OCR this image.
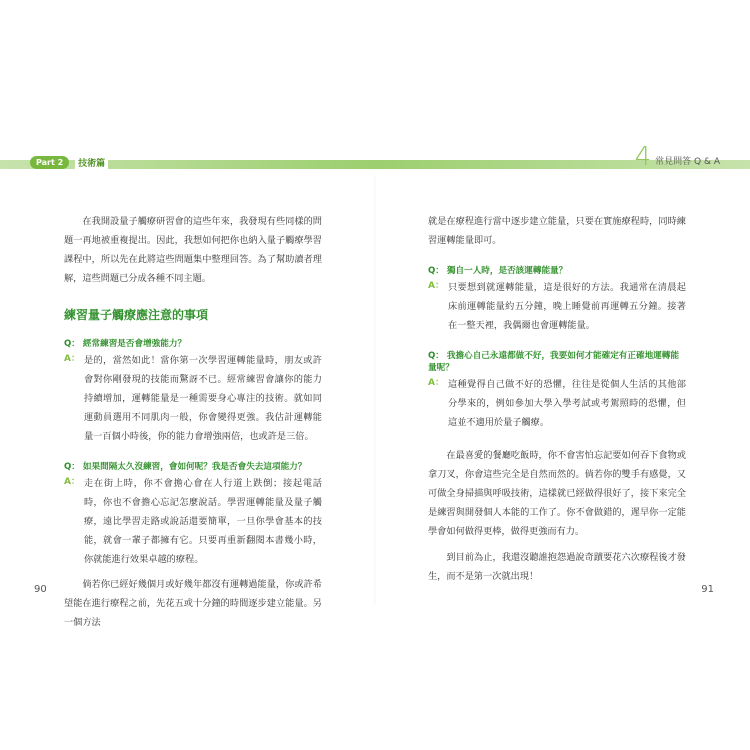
Part 2	技術篇	4 常見問答 Q & A

在我開設量子觸療研習會的這些年來，我發現有些同樣的問題一再地被重複提出。因此，我想如何把你也納入量子觸療學習課程中，所以先在此將這些問題集中整理回答。為了幫助讀者理解，這些問題已分成各種不同主題。

練習量子觸療應注意的事項
Q： 經常練習是否會增強能力？
A： 是的，當然如此！當你第一次學習運轉能量時，朋友或許會對你剛發現的技能而驚訝不已。經常練習會讓你的能力持續增加，運轉能量是一種需要身心專注的技術。就如同運動員選用不同肌肉一般，你會變得更強。我估計運轉能量一百個小時後，你的能力會增強兩倍，也或許是三倍。
Q： 如果間隔太久沒練習，會如何呢？我是否會失去這項能力？
A： 走在街上時，你不會擔心會在人行道上跌倒；接起電話時，你也不會擔心忘記怎麼說話。學習運轉能量及量子觸療，遠比學習走路或說話還要簡單，一旦你學會基本的技能，就會一輩子都擁有它。只要再重新翻閱本書幾小時，你就能進行效果卓越的療程。

倘若你已經好幾個月或好幾年都沒有運轉過能量，你或許希望能在進行療程之前，先花五或十分鐘的時間逐步建立能量。另一個方法

就是在療程進行當中逐步建立能量，只要在實施療程時，同時練習運轉能量即可。

Q： 獨自一人時，是否該運轉能量？
A： 只要想到就運轉能量，這是很好的方法。我通常在清晨起床前運轉能量約五分鐘，晚上睡覺前再運轉五分鐘。接著在一整天裡，我偶爾也會運轉能量。
Q： 我擔心自己永遠都做不好，我要如何才能確定有正確地運轉能量呢？
A： 這種覺得自己做不好的恐懼，往往是從個人生活的其他部分學來的，例如參加大學入學考試或考駕照時的恐懼，但這並不適用於量子觸療。

在最喜愛的餐廳吃飯時，你不會害怕忘記要如何吞下食物或拿刀叉，你會這些完全是自然而然的。倘若你的雙手有感覺，又可做全身掃描與呼吸技術，這樣就已經做得很好了，接下來完全是練習與開發個人本能的工作了。你不會做錯的，遲早你一定能學會如何做得更棒，做得更強而有力。

到目前為止，我還沒聽誰抱怨過說奇蹟要花六次療程後才發生，而不是第一次就出現！

90	91
